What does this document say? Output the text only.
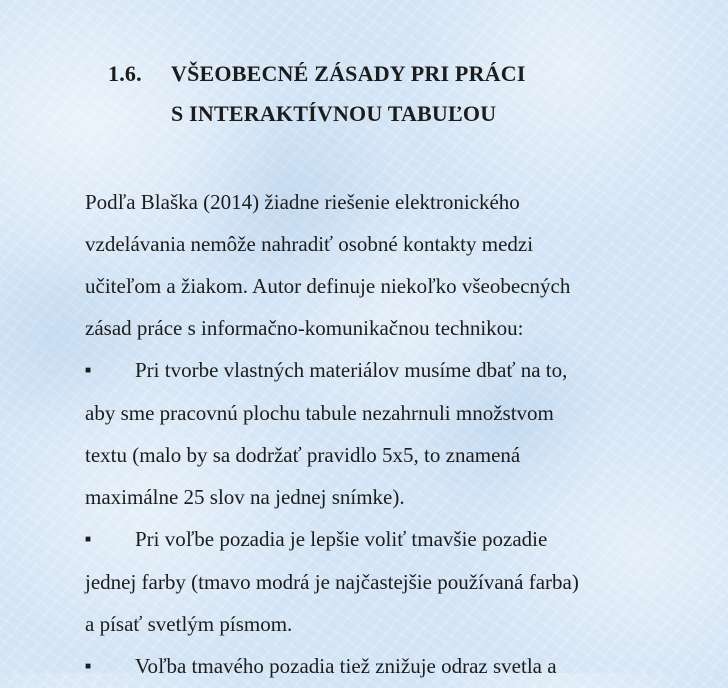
1.6. VŠEOBECNÉ ZÁSADY PRI PRÁCI
S INTERAKTÍVNOU TABUĽOU

Podľa Blaška (2014) žiadne riešenie elektronického

vzdelávania nemôže nahradiť osobné kontakty medzi

učiteľom a žiakom. Autor definuje niekoľko všeobecných

zásad práce s informačno-komunikačnou technikou:

■ Pri tvorbe vlastných materiálov musíme dbať na to,

aby sme pracovnú plochu tabule nezahrnuli množstvom

textu (malo by sa dodržať pravidlo 5x5, to znamená

maximálne 25 slov na jednej snímke).

■ Pri voľbe pozadia je lepšie voliť tmavšie pozadie

jednej farby (tmavo modrá je najčastejšie používaná farba)

a písať svetlým písmom.

■ Voľba tmavého pozadia tiež znižuje odraz svetla a
